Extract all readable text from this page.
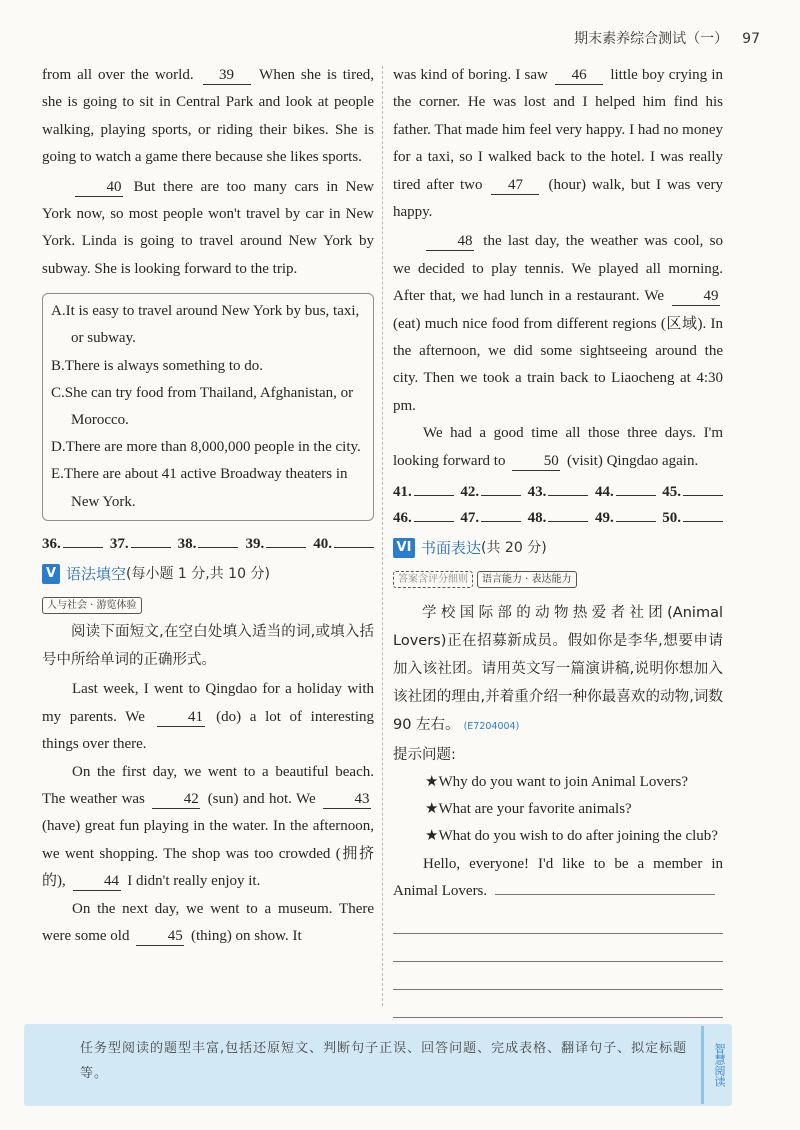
期末素养综合测试（一） 97

from all over the world. 39 When she is tired, she is going to sit in Central Park and look at people walking, playing sports, or riding their bikes. She is going to watch a game there because she likes sports.

40 But there are too many cars in New York now, so most people won't travel by car in New York. Linda is going to travel around New York by subway. She is looking forward to the trip.

A.It is easy to travel around New York by bus, taxi, or subway.
B.There is always something to do.
C.She can try food from Thailand, Afghanistan, or Morocco.
D.There are more than 8,000,000 people in the city.
E.There are about 41 active Broadway theaters in New York.
36.	37.	38.	39.	40.
V 语法填空 (每小题 1 分,共 10 分)
人与社会 · 游览体验
阅读下面短文,在空白处填入适当的词,或填入括号中所给单词的正确形式。

Last week, I went to Qingdao for a holiday with my parents. We 41 (do) a lot of interesting things over there.

On the first day, we went to a beautiful beach. The weather was 42 (sun) and hot. We 43 (have) great fun playing in the water. In the afternoon, we went shopping. The shop was too crowded (拥挤的), 44 I didn't really enjoy it.

On the next day, we went to a museum. There were some old 45 (thing) on show. It

was kind of boring. I saw 46 little boy crying in the corner. He was lost and I helped him find his father. That made him feel very happy. I had no money for a taxi, so I walked back to the hotel. I was really tired after two 47 (hour) walk, but I was very happy.

48 the last day, the weather was cool, so we decided to play tennis. We played all morning. After that, we had lunch in a restaurant. We 49 (eat) much nice food from different regions (区域). In the afternoon, we did some sightseeing around the city. Then we took a train back to Liaocheng at 4:30 pm.

We had a good time all those three days. I'm looking forward to 50 (visit) Qingdao again.

41.	42.	43.	44.	45.
46.	47.	48.	49.	50.
VI 书面表达 (共 20 分)
答案含评分细则 语言能力 · 表达能力
学校国际部的动物热爱者社团(Animal Lovers)正在招募新成员。假如你是李华,想要申请加入该社团。请用英文写一篇演讲稿,说明你想加入该社团的理由,并着重介绍一种你最喜欢的动物,词数 90 左右。 (E7204004)
提示问题:
★Why do you want to join Animal Lovers?
★What are your favorite animals?
★What do you wish to do after joining the club?

Hello, everyone! I'd like to be a member in Animal Lovers.

任务型阅读的题型丰富,包括还原短文、判断句子正误、回答问题、完成表格、翻译句子、拟定标题等。	智慧阅读
